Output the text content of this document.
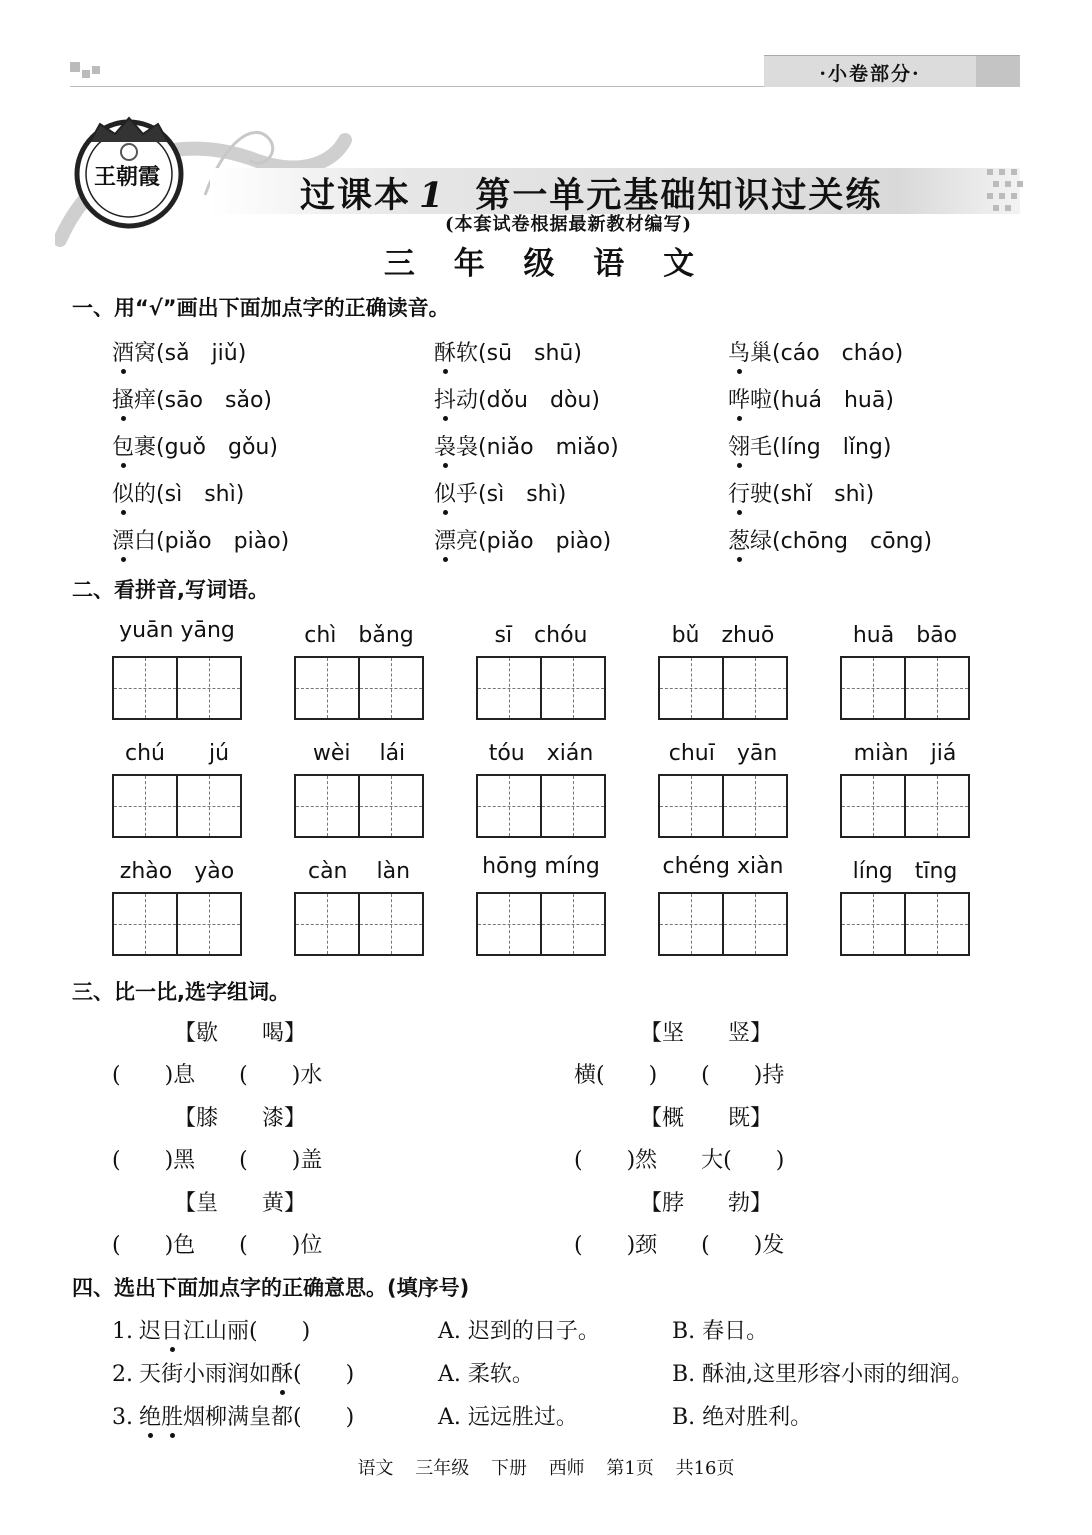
·小卷部分·
王朝霞	过课本 1 第一单元基础知识过关练
(本套试卷根据最新教材编写)
三 年 级 语 文
一、用“√”画出下面加点字的正确读音。
酒窝(sǎ　jiǔ)	酥软(sū　shū)	鸟巢(cáo　cháo)
搔痒(sāo　sǎo)	抖动(dǒu　dòu)	哗啦(huá　huā)
包裹(guǒ　gǒu)	袅袅(niǎo　miǎo)	翎毛(líng　lǐng)
似的(sì　shì)	似乎(sì　shì)	行驶(shǐ　shì)
漂白(piǎo　piào)	漂亮(piǎo　piào)	葱绿(chōng　cōng)
二、看拼音,写词语。
yuān yāng	chì　bǎng	sī　chóu	bǔ　zhuō	huā　bāo
chú　　jú	wèi　 lái	tóu　xián	chuī　yān	miàn　jiá
zhào　yào	càn　 làn	hōng míng	chéng xiàn	líng　tīng
三、比一比,选字组词。
【歇　　喝】
(　　)息　　(　　)水
【坚　　竖】
横(　　)　　(　　)持
【膝　　漆】
(　　)黑　　(　　)盖
【概　　既】
(　　)然　　大(　　)
【皇　　黄】
(　　)色　　(　　)位
【脖　　勃】
(　　)颈　　(　　)发
四、选出下面加点字的正确意思。(填序号)
1. 迟日江山丽(　　)	A. 迟到的日子。	B. 春日。
2. 天街小雨润如酥(　　)	A. 柔软。	B. 酥油,这里形容小雨的细润。
3. 绝胜烟柳满皇都(　　)	A. 远远胜过。	B. 绝对胜利。
语文 三年级 下册 西师 第1页 共16页
